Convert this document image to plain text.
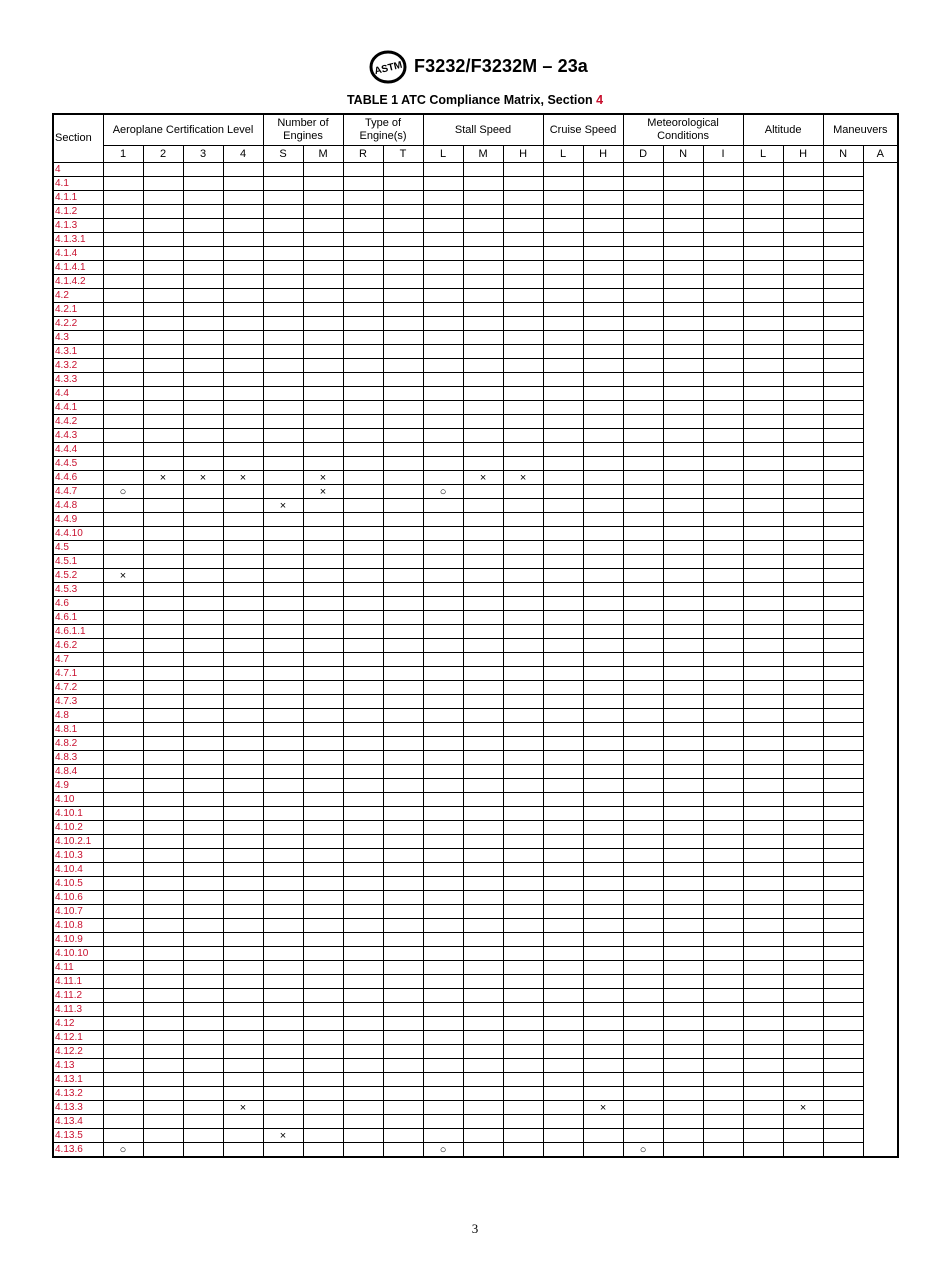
ASTM F3232/F3232M – 23a
TABLE 1 ATC Compliance Matrix, Section 4
Section	Aeroplane Certification Level				Number of Engines		Type of Engine(s)		Stall Speed			Cruise Speed		Meteorological Conditions			Altitude		Maneuvers	
	1	2	3	4	S	M	R	T	L	M	H	L	H	D	N	I	L	H	N	A
4																				
4.1																				
4.1.1																				
4.1.2																				
4.1.3																				
4.1.3.1																				
4.1.4																				
4.1.4.1																				
4.1.4.2																				
4.2																				
4.2.1																				
4.2.2																				
4.3																				
4.3.1																				
4.3.2																				
4.3.3																				
4.4																				
4.4.1																				
4.4.2																				
4.4.3																				
4.4.4																				
4.4.5																				
4.4.6		×	×	×		×				×	×									
4.4.7	○					×			○											
4.4.8					×															
4.4.9																				
4.4.10																				
4.5																				
4.5.1																				
4.5.2	×																			
4.5.3																				
4.6																				
4.6.1																				
4.6.1.1																				
4.6.2																				
4.7																				
4.7.1																				
4.7.2																				
4.7.3																				
4.8																				
4.8.1																				
4.8.2																				
4.8.3																				
4.8.4																				
4.9																				
4.10																				
4.10.1																				
4.10.2																				
4.10.2.1																				
4.10.3																				
4.10.4																				
4.10.5																				
4.10.6																				
4.10.7																				
4.10.8																				
4.10.9																				
4.10.10																				
4.11																				
4.11.1																				
4.11.2																				
4.11.3																				
4.12																				
4.12.1																				
4.12.2																				
4.13																				
4.13.1																				
4.13.2																				
4.13.3				×									×					×		
4.13.4																				
4.13.5					×															
4.13.6	○								○					○						
3
